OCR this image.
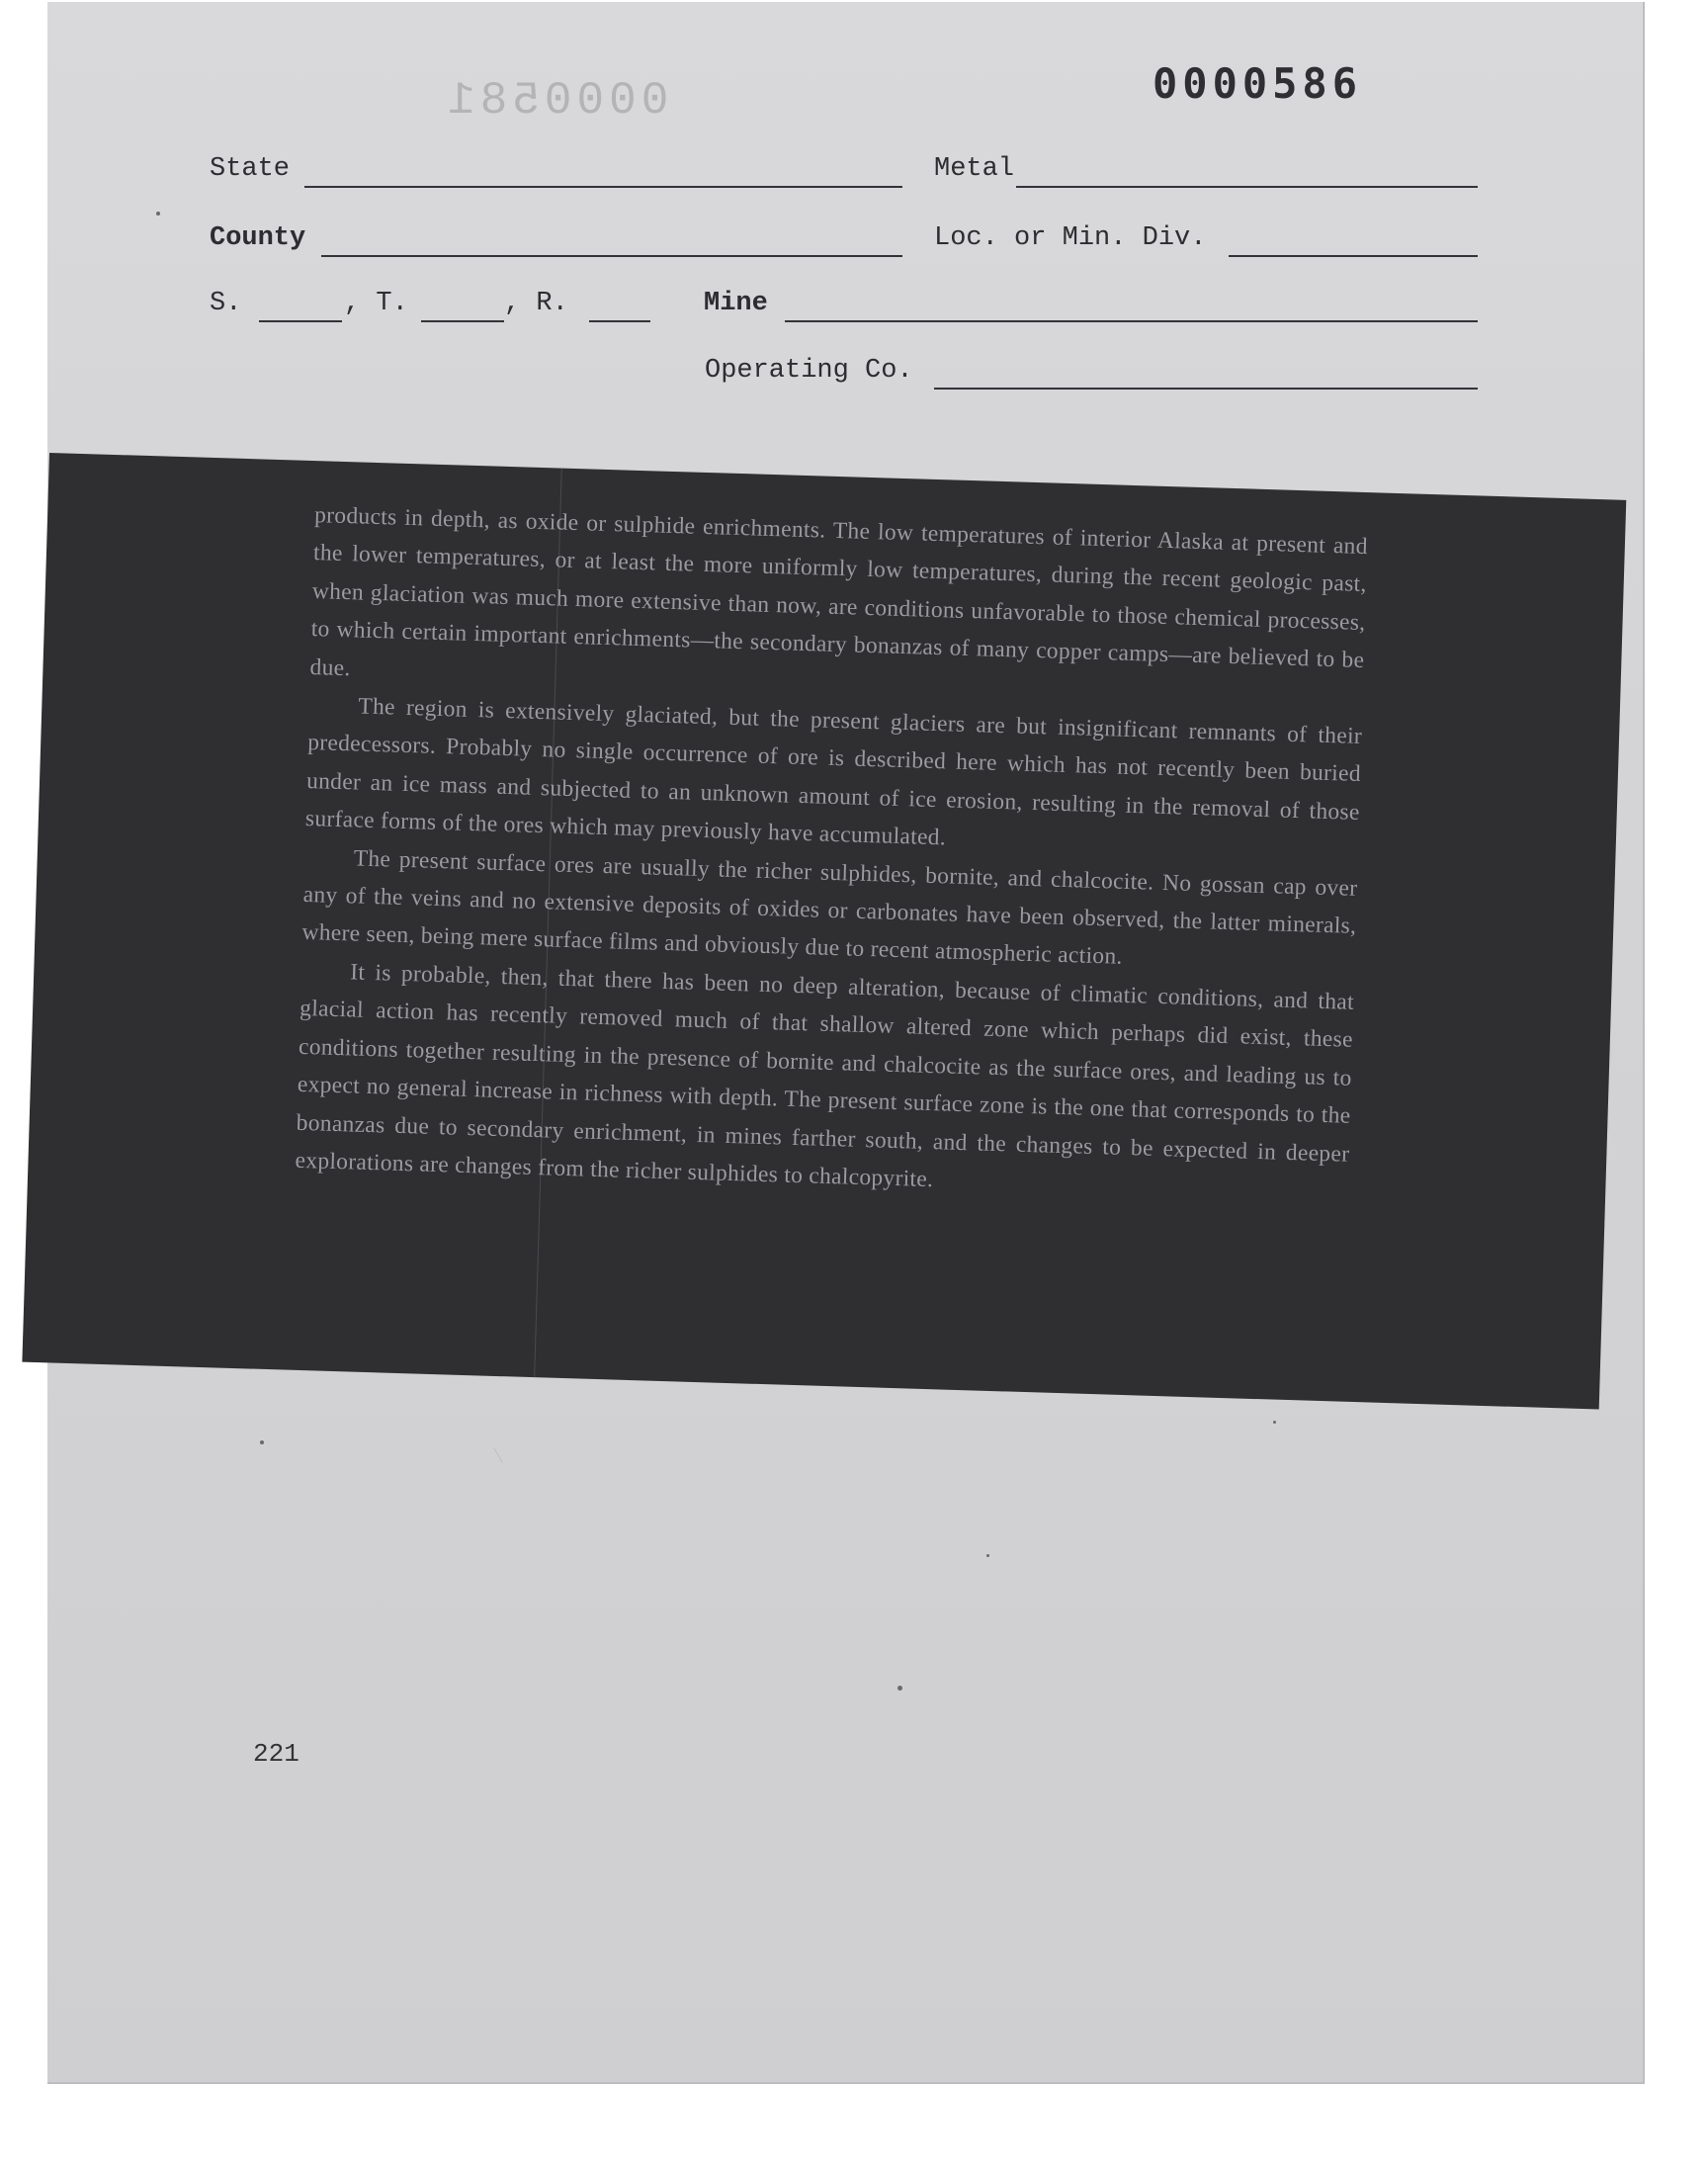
0000581	0000586
State	Metal
County	Loc. or Min. Div.
S.	, T.	, R.	Mine
Operating Co.
221

products in depth, as oxide or sulphide enrichments. The low temperatures of interior Alaska at present and the lower temperatures, or at least the more uniformly low temperatures, during the recent geologic past, when glaciation was much more extensive than now, are conditions unfavorable to those chemical processes, to which certain important enrichments—the secondary bonanzas of many copper camps—are believed to be due.

The region is extensively glaciated, but the present glaciers are but insignificant remnants of their predecessors. Probably no single occurrence of ore is described here which has not recently been buried under an ice mass and subjected to an unknown amount of ice erosion, resulting in the removal of those surface forms of the ores which may previously have accumulated.

The present surface ores are usually the richer sulphides, bornite, and chalcocite. No gossan cap over any of the veins and no extensive deposits of oxides or carbonates have been observed, the latter minerals, where seen, being mere surface films and obviously due to recent atmospheric action.

It is probable, then, that there has been no deep alteration, because of climatic conditions, and that glacial action has recently removed much of that shallow altered zone which perhaps did exist, these conditions together resulting in the presence of bornite and chalcocite as the surface ores, and leading us to expect no general increase in richness with depth. The present surface zone is the one that corresponds to the bonanzas due to secondary enrichment, in mines farther south, and the changes to be expected in deeper explorations are changes from the richer sulphides to chalcopyrite.
